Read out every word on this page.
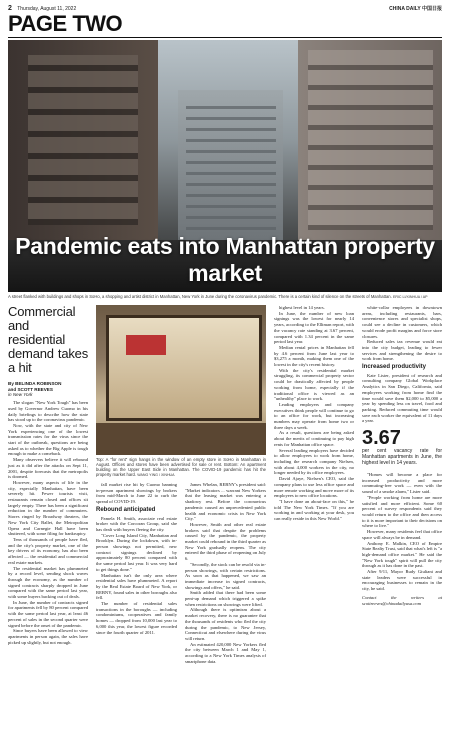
2 Thursday, August 11, 2022	CHINA DAILY 中国日报
PAGE TWO
Pandemic eats into Manhattan property market
A street flanked with buildings and shops in SoHo, a shopping and artist district in Manhattan, New York in June during the coronavirus pandemic. There is a certain kind of silence on the streets of Manhattan. ERIC LI/XINHUA / AP
Commercial and residential demand takes a hit
By BELINDA ROBINSON
and SCOTT REEVES
in New York

The slogan "New York Tough" has been used by Governor Andrew Cuomo in his daily briefings to describe how the state has stood up to the coronavirus pandemic.

Now, with the state and city of New York experiencing one of the lowest transmission rates for the virus since the start of the outbreak, questions are being asked as to whether the Big Apple is tough enough to make a comeback.

Many observers believe it will rebound just as it did after the attacks on Sept 11, 2001, despite forecasts that the metropolis is doomed.

However, many aspects of life in the city, especially Manhattan, have been severely hit. Fewer tourists visit, restaurants remain closed and offices sit largely empty. There has been a significant reduction in the number of commuters. Stores ringed by Broadway theaters, the New York City Ballet, the Metropolitan Opera and Carnegie Hall have been shuttered, with some filing for bankruptcy.

Tens of thousands of people have fled, and the city's property market, one of the key drivers of its economy, has also been affected — the residential and commercial real estate markets.

The residential market has plummeted by a record level, sending shock waves through the economy, as the number of signed contracts sharply dropped in June compared with the same period last year, with some buyers backing out of deals.

In June, the number of contracts signed for apartments fell by 80 percent compared with the same period last year, at least 46 percent of sales in the second quarter were signed before the onset of the pandemic.

Since buyers have been allowed to view apartments in person again, the sales have picked up slightly, but not enough.

Top: A "for rent" sign hangs in the window of an empty store in SoHo in Manhattan in August. Offices and stores have been advertised for sale or rent. Bottom: An apartment building on the Upper East Side in Manhattan. The COVID-19 pandemic has hit the property market hard. WANG YING / XINHUA

fall market rise hit by Cuomo banning in-person apartment showings by brokers from mid-March to June 22 to curb the spread of COVID-19.

Rebound anticipated

Pamela H. Smith, associate real estate broker with the Corcoran Group, said she has dealt with buyers fleeing the city.

"Cover Long Island City, Manhattan and Brooklyn. During the lockdown, with in-person showings not permitted, new contract signings declined by approximately 80 percent compared with the same period last year. It was very hard to get things done."

Manhattan isn't the only area where residential sales have plummeted. A report by the Real Estate Board of New York, or REBNY, found sales in other boroughs also fell.

The number of residential sales transactions in the boroughs — including condominiums, cooperatives and family homes — dropped from 10,000 last year to 6,000 this year, the lowest figure recorded since the fourth quarter of 2011.

James Whelan, REBNY's president said: "Market indicators ... warrant New Yorkers that the leasing market was entering a shadowy rest. Before the coronavirus pandemic caused an unprecedented public health and economic crisis in New York City."

However, Smith and other real estate brokers said that despite the problems caused by the pandemic, the property market could rebound in the third quarter as New York gradually reopens. The city entered the third phase of reopening on July 6.

"Secondly, the stock can be resold via in-person showings, with certain restrictions. As soon as that happened, we saw an immediate increase in signed contracts, showings and offers," he said.

Smith added that there had been some pent-up demand which triggered a spike when restrictions on showings were lifted.

Although there is optimism about a market recovery, there is no guarantee that the thousands of residents who fled the city during the pandemic, to New Jersey, Connecticut and elsewhere during the virus will return.

An estimated 420,000 New Yorkers fled the city between March 1 and May 1, according to a New York Times analysis of smartphone data.

highest level in 14 years.

In June, the number of new loan signings was the lowest for nearly 14 years, according to the Elliman report, with the vacancy rate standing at 3.67 percent, compared with 1.34 percent in the same period last year.

Median rental prices in Manhattan fell by 4.6 percent from June last year to $3,275 a month, making them one of the lowest in the city's recent history.

With the city's residential market struggling, its commercial property sector could be drastically affected by people working from home, especially if the traditional office is viewed as an "unhealthy" place to work.

Leading employers and company executives think people will continue to go to an office for work, but increasing numbers may operate from home two or three days a week.

As a result, questions are being asked about the merits of continuing to pay high rents for Manhattan office space.

Several leading employers have decided to allow employees to work from home, including the research company Nielsen, with about 4,000 workers in the city, no longer needed by its office employees.

David Ajaye, Nielsen's CEO, said the company plans to use less office space and more remote working and move more of its employees to new office locations.

"I have done an about-face on this," he told The New York Times. "If you are working in and working at your desk, you can really reside in this New World."

white-collar employees in downtown areas, including restaurants, bars, convenience stores and specialist shops, could see a decline in customers, which would erode profit margins and force store closures.

Reduced sales tax revenue would eat into the city budget, leading to fewer services and strengthening the desire to work from home.

Increased productivity

Kate Lister, president of research and consulting company Global Workplace Analytics in San Diego, California, said employees working from home find the time would save them $2,000 to $5,000 a year by spending less on travel, food and parking. Reduced commuting time would save each worker the equivalent of 11 days a year.

3.67
per cent vacancy rate for Manhattan apartments in June, the highest level in 14 years.

"Homes will become a place for increased productivity and more commuting-free work — even with the sound of a smoke alarm," Lister said.

"People working from home are more satisfied and more efficient. Some 60 percent of survey respondents said they would return to the office and then access to it is more important to their decisions on where to live."

However, many residents feel that office space will always be in demand.

Anthony E. Malkin, CEO of Empire State Realty Trust, said that what's left is "a high-demand office market." He said the "New York tough" spirit will pull the city through as it has done in the past.

After 9/11, Mayor Rudy Giuliani and state leaders were successful in encouraging businesses to remain in the city, he said.

Contact the writers at scottreeves@chinadailyusa.com
